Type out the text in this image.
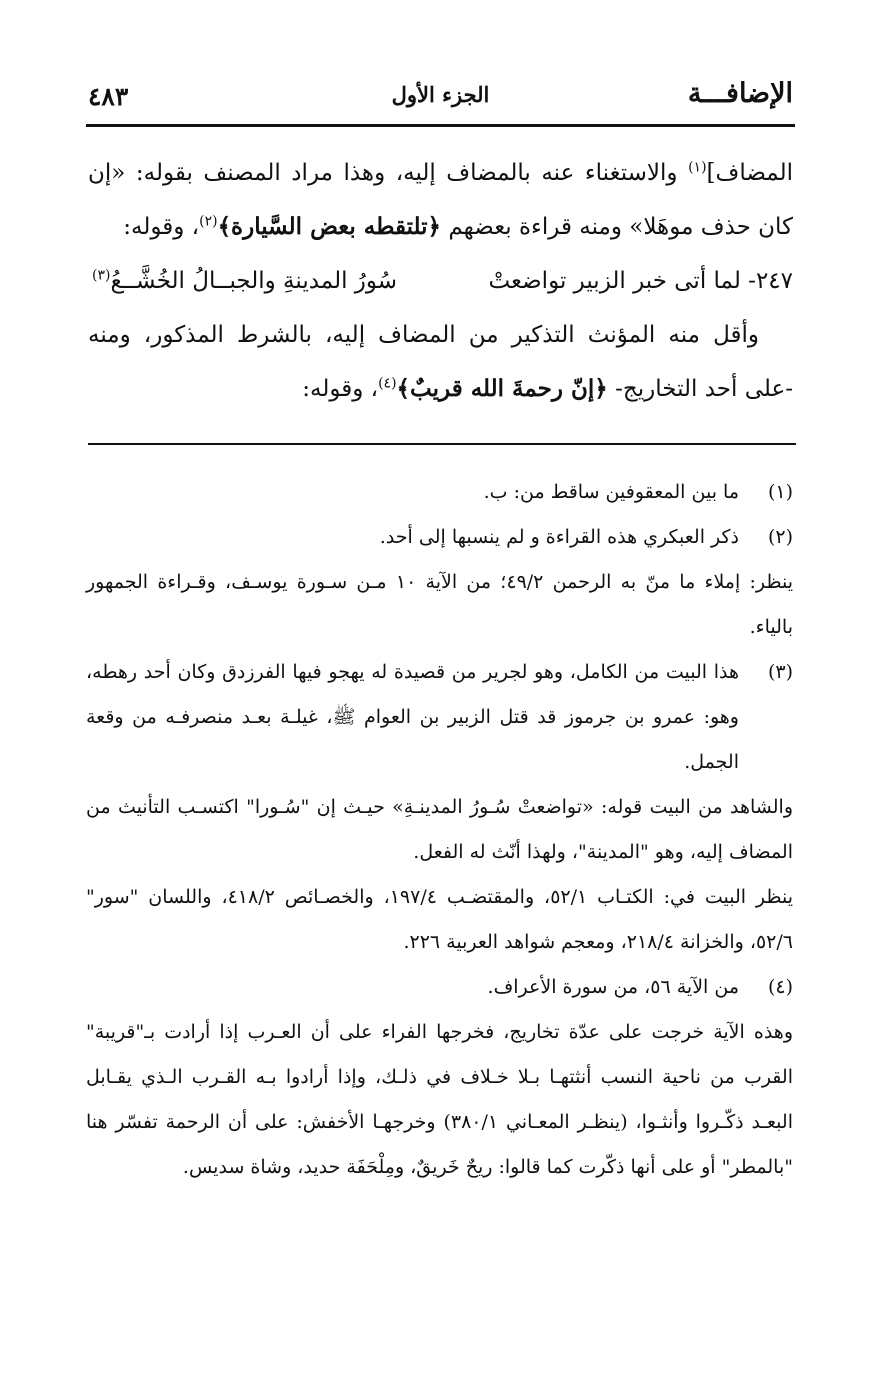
الإضافـــة
الجزء الأول
٤٨٣

المضاف]$^{(١)}$ والاستغناء عنه بالمضاف إليه، وهذا مراد المصنف بقوله: «إن كان حذف موهَلا» ومنه قراءة بعضهم ﴿تلتقطه بعض السَّيارة﴾$^{(٢)}$، وقوله:

٢٤٧- لما أتى خبر الزبير تواضعتْ
سُورُ المدينةِ والجبــالُ الخُشَّــعُ$^{(٣)}$

وأقل منه المؤنث التذكير من المضاف إليه، بالشرط المذكور، ومنه -على أحد التخاريج- ﴿إنّ رحمةَ الله قريبٌ﴾$^{(٤)}$، وقوله:

(١)
ما بين المعقوفين ساقط من: ب.
(٢)
ذكر العبكري هذه القراءة و لم ينسبها إلى أحد.

ينظر: إملاء ما منّ به الرحمن ٤٩/٢؛ من الآية ١٠ مـن سـورة يوسـف، وقـراءة الجمهور بالياء.

(٣)
هذا البيت من الكامل، وهو لجرير من قصيدة له يهجو فيها الفرزدق وكان أحد رهطه، وهو: عمرو بن جرموز قد قتل الزبير بن العوام ﷺ، غيلـة بعـد منصرفـه من وقعة الجمل.

والشاهد من البيت قوله: «تواضعتْ سُـورُ المدينـةِ» حيـث إن "سُـورا" اكتسـب التأنيث من المضاف إليه، وهو "المدينة"، ولهذا أنّث له الفعل.

ينظر البيت في: الكتـاب ٥٢/١، والمقتضـب ١٩٧/٤، والخصـائص ٤١٨/٢، واللسان "سور" ٥٢/٦، والخزانة ٢١٨/٤، ومعجم شواهد العربية ٢٢٦.

(٤)
من الآية ٥٦، من سورة الأعراف.

وهذه الآية خرجت على عدّة تخاريج، فخرجها الفراء على أن العـرب إذا أرادت بـ"قريبة" القرب من ناحية النسب أنثتهـا بـلا خـلاف في ذلـك، وإذا أرادوا بـه القـرب الـذي يقـابل البعـد ذكّـروا وأنثـوا، (ينظـر المعـاني ٣٨٠/١) وخرجهـا الأخفش: على أن الرحمة تفسّر هنا "بالمطر" أو على أنها ذكّرت كما قالوا: ريحٌ خَريقٌ، ومِلْحَفَة حديد، وشاة سديس.
